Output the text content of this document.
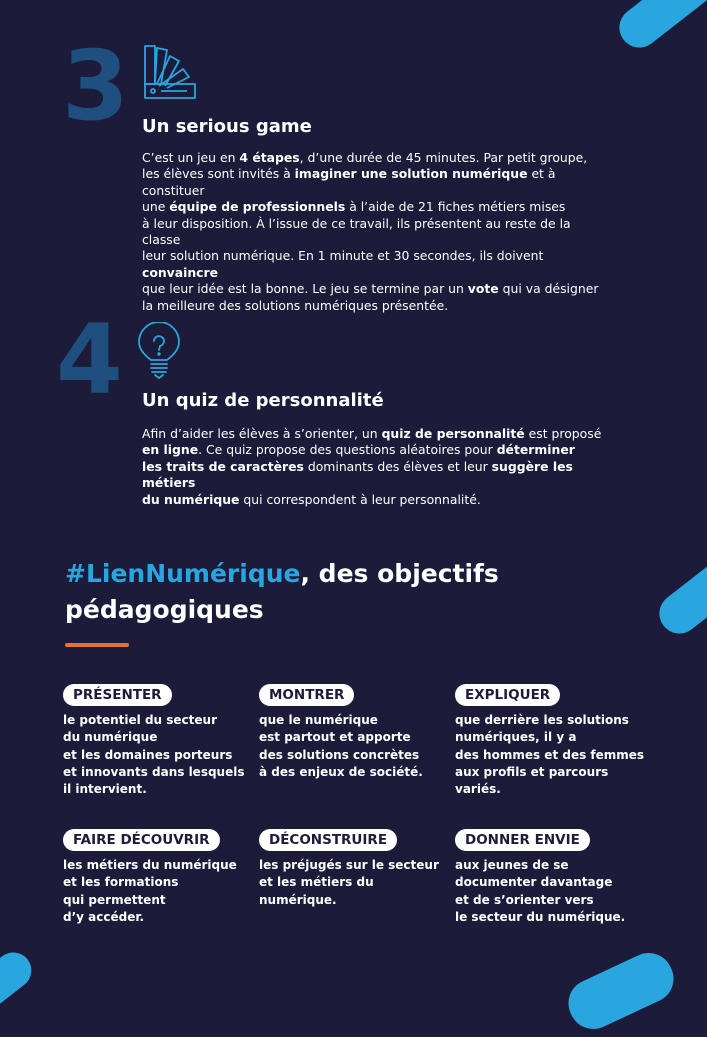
3 Un serious game

C’est un jeu en 4 étapes, d’une durée de 45 minutes. Par petit groupe,
les élèves sont invités à imaginer une solution numérique et à constituer
une équipe de professionnels à l’aide de 21 fiches métiers mises
à leur disposition. À l’issue de ce travail, ils présentent au reste de la classe
leur solution numérique. En 1 minute et 30 secondes, ils doivent convaincre
que leur idée est la bonne. Le jeu se termine par un vote qui va désigner
la meilleure des solutions numériques présentée.

4 Un quiz de personnalité

Afin d’aider les élèves à s’orienter, un quiz de personnalité est proposé
en ligne. Ce quiz propose des questions aléatoires pour déterminer
les traits de caractères dominants des élèves et leur suggère les métiers
du numérique qui correspondent à leur personnalité.

#LienNumérique, des objectifs
pédagogiques
PRÉSENTER

le potentiel du secteur
du numérique
et les domaines porteurs
et innovants dans lesquels
il intervient.

MONTRER

que le numérique
est partout et apporte
des solutions concrètes
à des enjeux de société.

EXPLIQUER

que derrière les solutions
numériques, il y a
des hommes et des femmes
aux profils et parcours
variés.

FAIRE DÉCOUVRIR

les métiers du numérique
et les formations
qui permettent
d’y accéder.

DÉCONSTRUIRE

les préjugés sur le secteur
et les métiers du numérique.

DONNER ENVIE

aux jeunes de se
documenter davantage
et de s’orienter vers
le secteur du numérique.
